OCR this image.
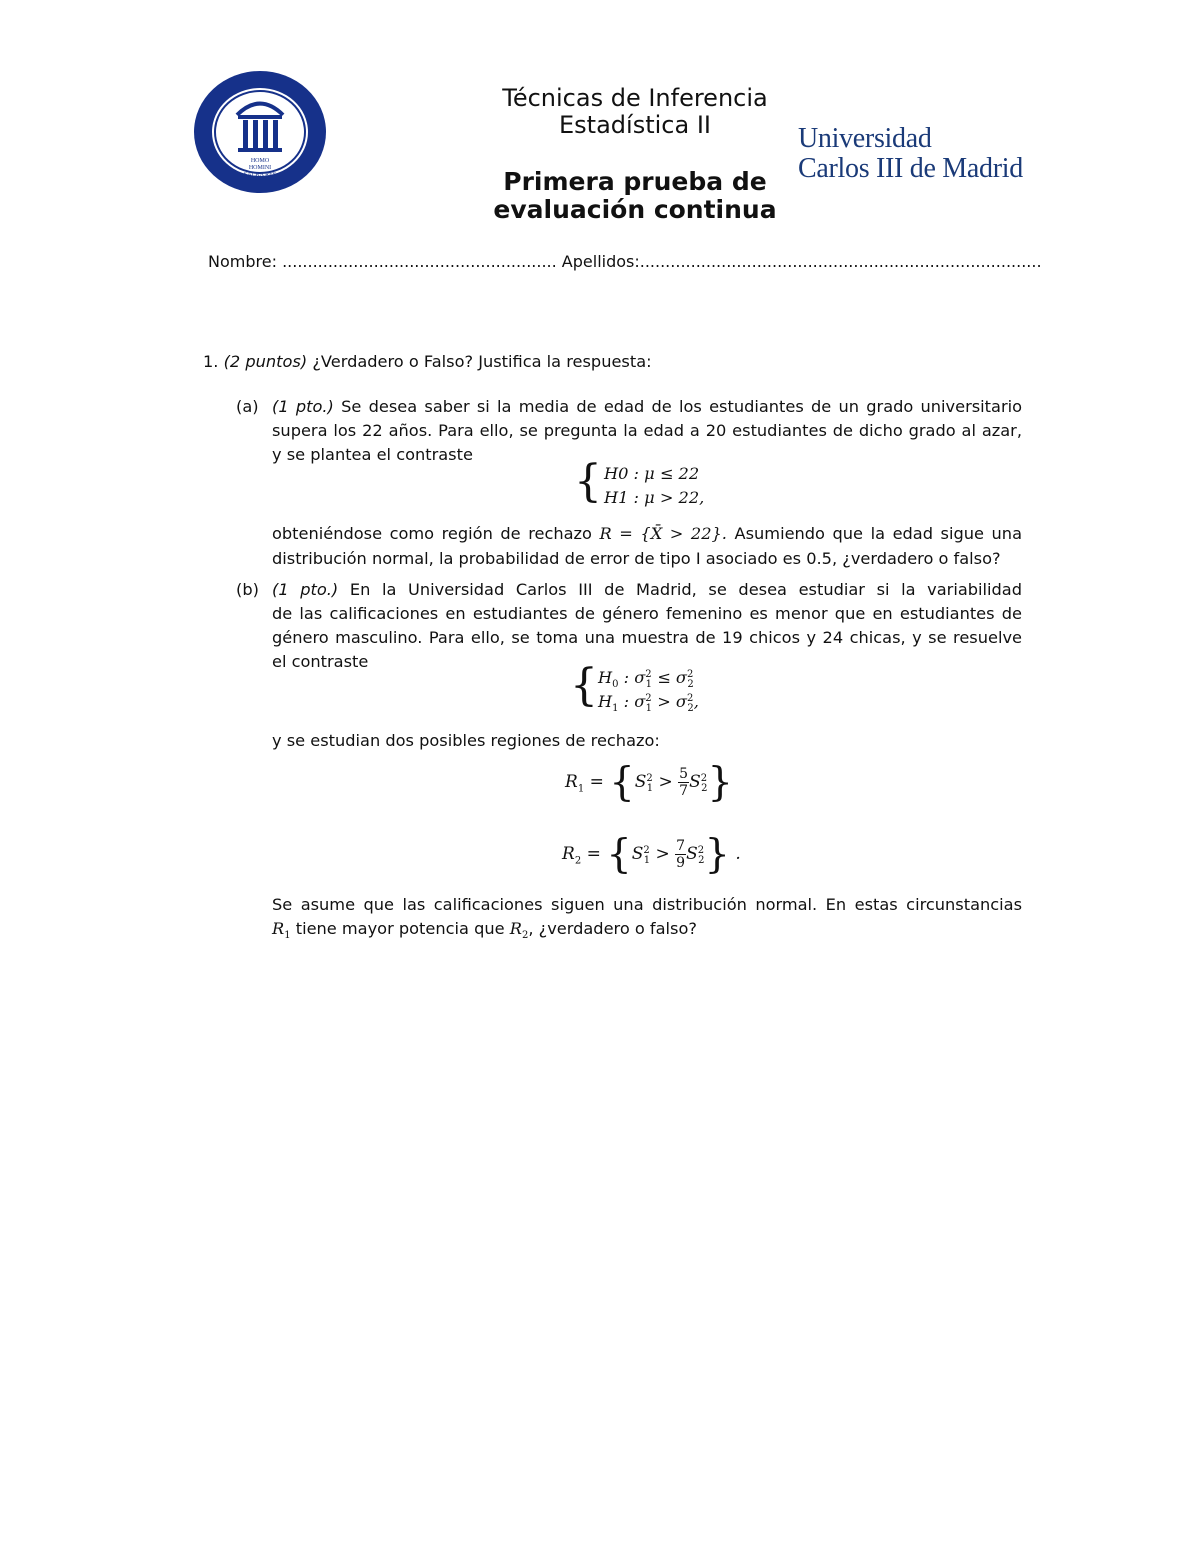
HOMO
HOMINI
SACRA RES
Técnicas de Inferencia
Estadística II
Primera prueba de
evaluación continua
Universidad
Carlos III de Madrid
Nombre: ...................................................... Apellidos:...............................................................................
1. (2 puntos) ¿Verdadero o Falso? Justifica la respuesta:
(a) (1 pto.) Se desea saber si la media de edad de los estudiantes de un grado universitario
supera los 22 años. Para ello, se pregunta la edad a 20 estudiantes de dicho grado al azar,
y se plantea el contraste
{ H0 : μ ≤ 22
H1 : μ > 22,
obteniéndose como región de rechazo R = {X̄ > 22}. Asumiendo que la edad sigue una
distribución normal, la probabilidad de error de tipo I asociado es 0.5, ¿verdadero o falso?
(b) (1 pto.) En la Universidad Carlos III de Madrid, se desea estudiar si la variabilidad
de las calificaciones en estudiantes de género femenino es menor que en estudiantes de
género masculino. Para ello, se toma una muestra de 19 chicos y 24 chicas, y se resuelve
el contraste	{ $H_0$ : $\sigma_{21} \le \sigma_{22}$
$H_1$ : $\sigma_{21} > \sigma_{22}$,
y se estudian dos posibles regiones de rechazo:
$R_1 = \{S_{21} > \frac{5}{7} S_{22}\}$
$R_2 = \{S_{21} > \frac{7}{9} S_{22}\}$ .
Se asume que las calificaciones siguen una distribución normal. En estas circunstancias
$R_1$ tiene mayor potencia que $R_2$, ¿verdadero o falso?
